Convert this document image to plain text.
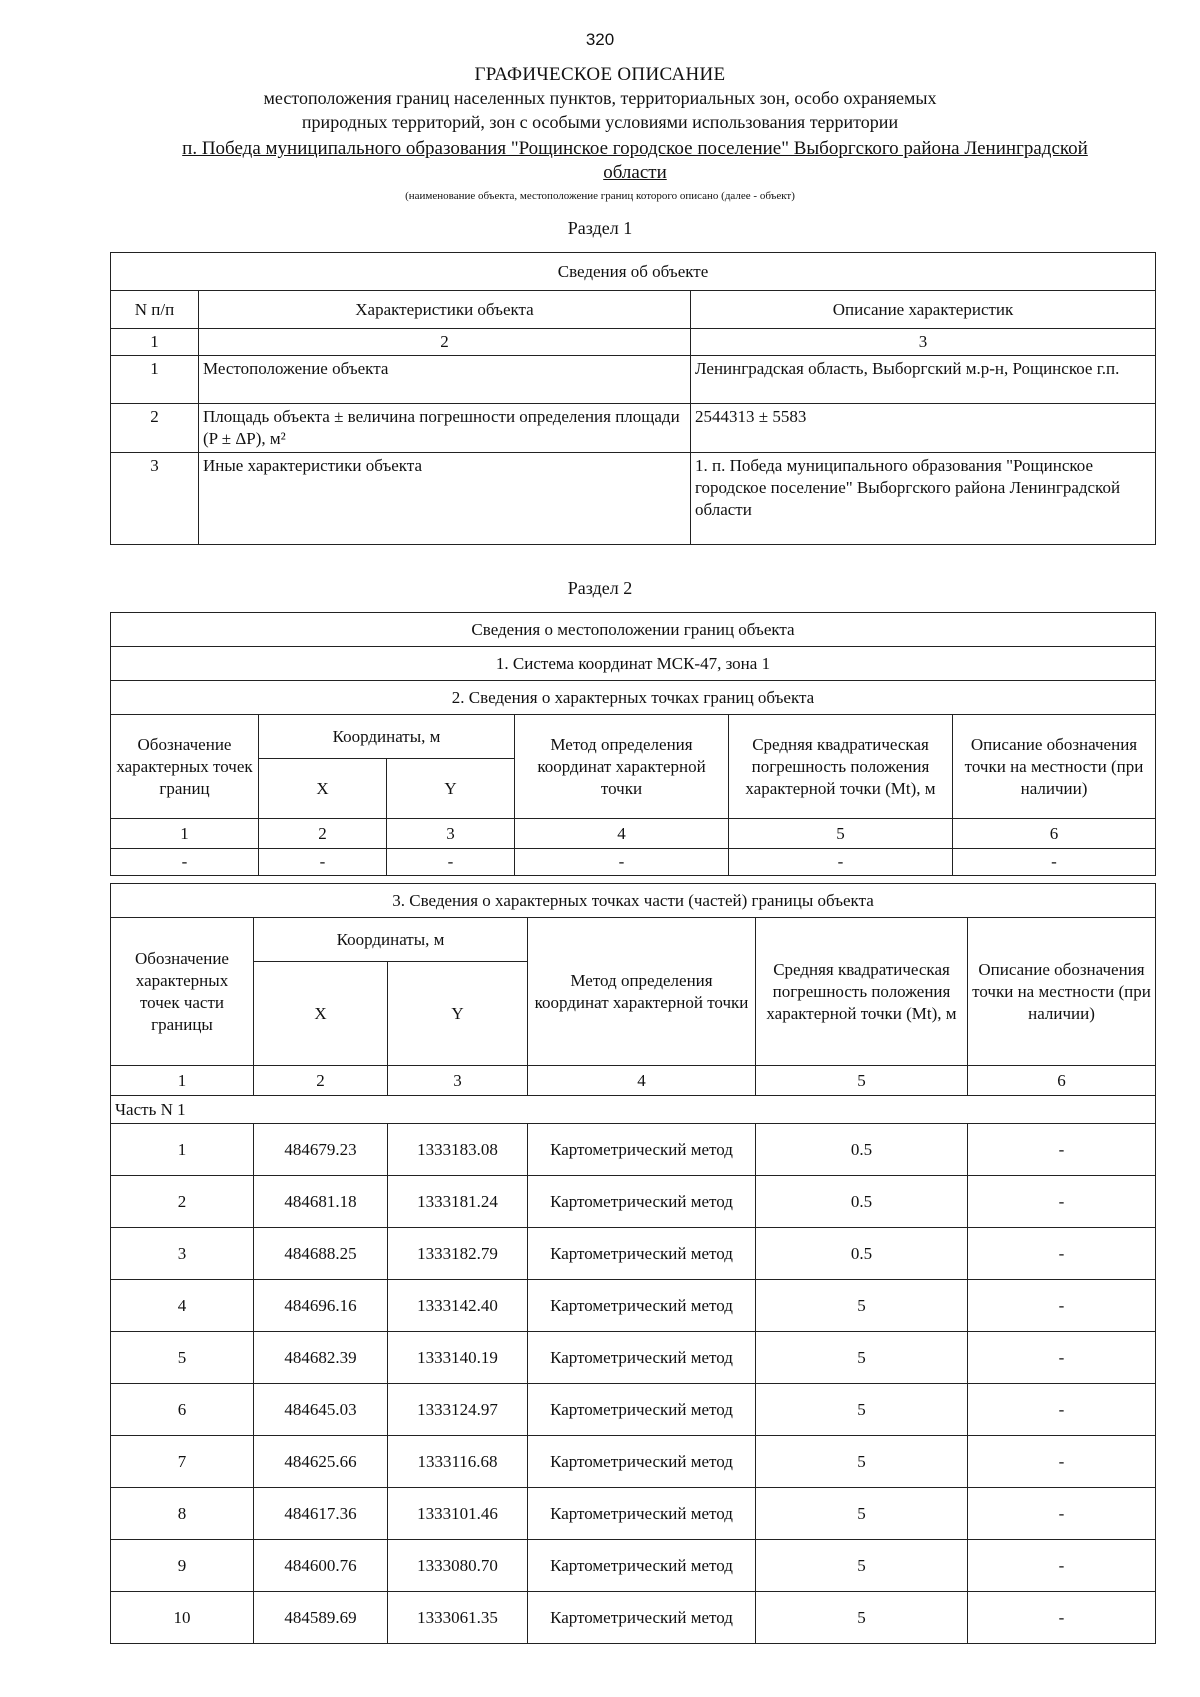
320
ГРАФИЧЕСКОЕ ОПИСАНИЕ
местоположения границ населенных пунктов, территориальных зон, особо охраняемых
природных территорий, зон с особыми условиями использования территории
п. Победа муниципального образования "Рощинское городское поселение" Выборгского района Ленинградской
области
(наименование объекта, местоположение границ которого описано (далее - объект)
Раздел 1
Сведения об объекте		
N п/п	Характеристики объекта	Описание характеристик
1	2	3
1	Местоположение объекта	Ленинградская область, Выборгский м.р-н, Рощинское г.п.
2	Площадь объекта ± величина погрешности определения площади (P ± ΔP), м²	2544313 ± 5583
3	Иные характеристики объекта	1. п. Победа муниципального образования "Рощинское городское поселение" Выборгского района Ленинградской области
Раздел 2
Сведения о местоположении границ объекта					
1. Система координат МСК-47, зона 1					
2. Сведения о характерных точках границ объекта					
Обозначение характерных точек границ	Координаты, м		Метод определения координат характерной точки	Средняя квадратическая погрешность положения характерной точки (Mt), м	Описание обозначения точки на местности (при наличии)
	X	Y			
1	2	3	4	5	6
-	-	-	-	-	-
3. Сведения о характерных точках части (частей) границы объекта					
Обозначение характерных точек части границы	Координаты, м		Метод определения координат характерной точки	Средняя квадратическая погрешность положения характерной точки (Mt), м	Описание обозначения точки на местности (при наличии)
	X	Y			
1	2	3	4	5	6
Часть N 1					
1	484679.23	1333183.08	Картометрический метод	0.5	-
2	484681.18	1333181.24	Картометрический метод	0.5	-
3	484688.25	1333182.79	Картометрический метод	0.5	-
4	484696.16	1333142.40	Картометрический метод	5	-
5	484682.39	1333140.19	Картометрический метод	5	-
6	484645.03	1333124.97	Картометрический метод	5	-
7	484625.66	1333116.68	Картометрический метод	5	-
8	484617.36	1333101.46	Картометрический метод	5	-
9	484600.76	1333080.70	Картометрический метод	5	-
10	484589.69	1333061.35	Картометрический метод	5	-
